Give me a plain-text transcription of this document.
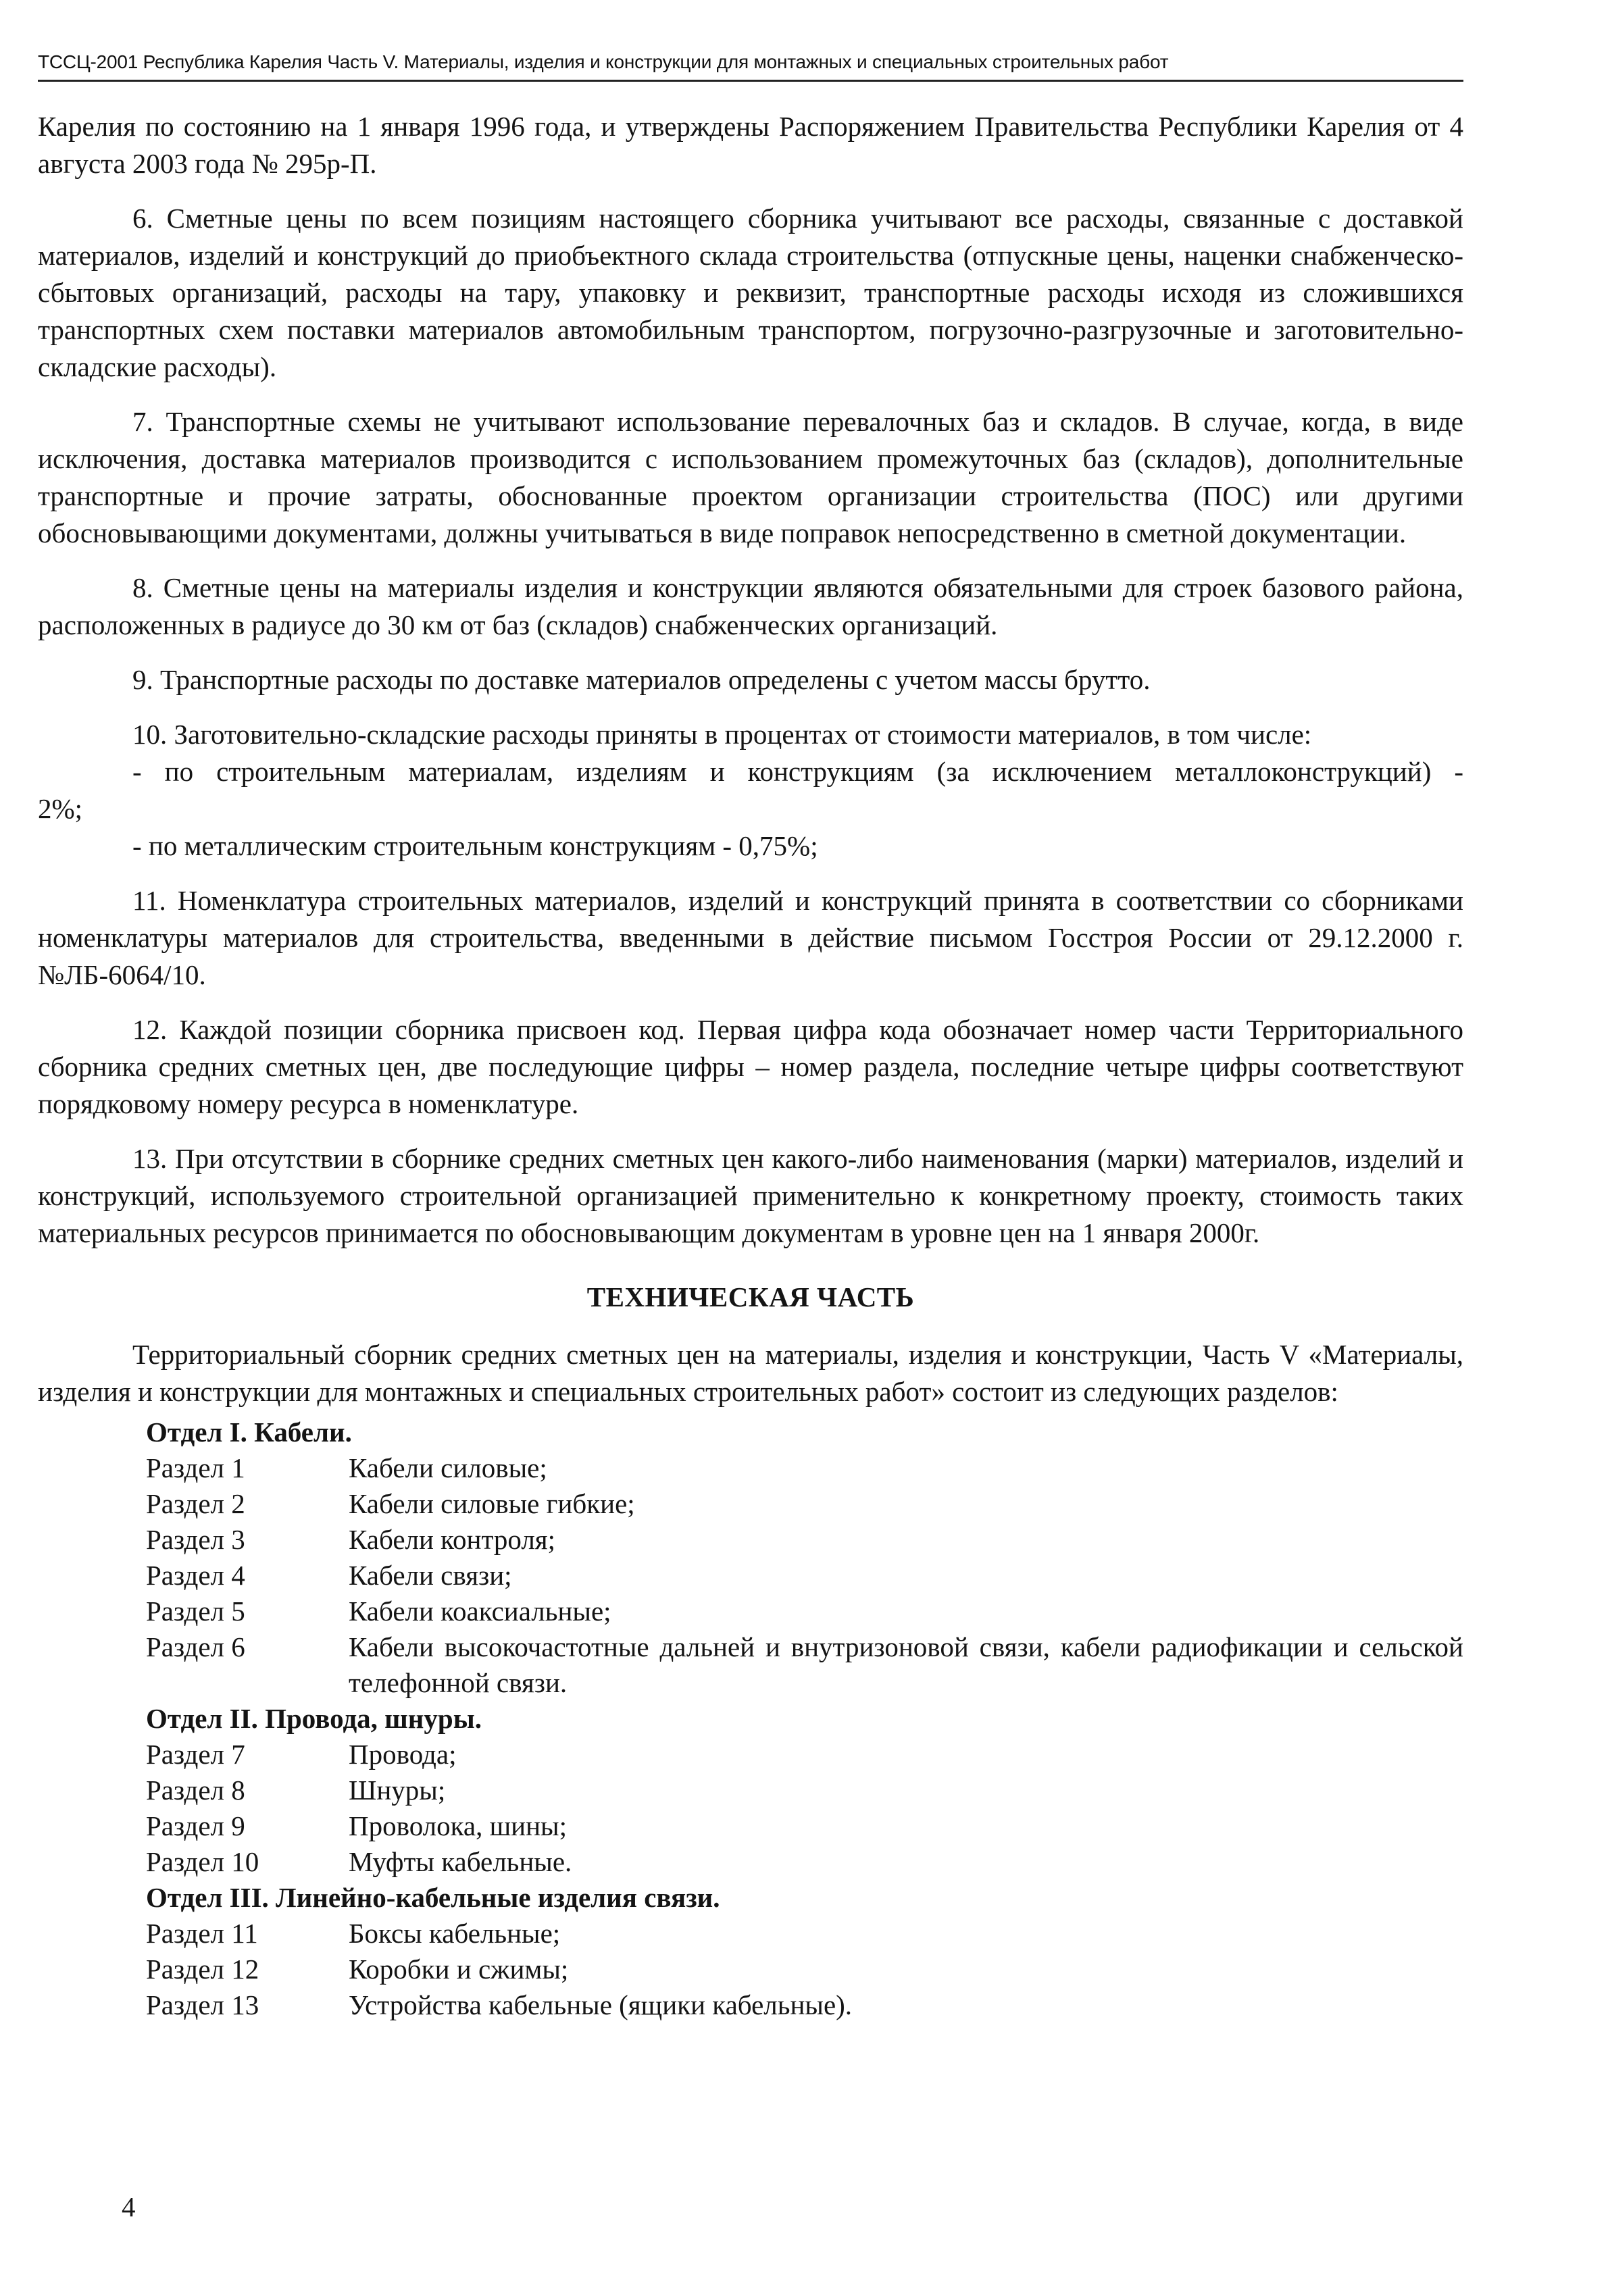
ТССЦ-2001 Республика Карелия Часть V. Материалы, изделия и конструкции для монтажных и специальных строительных работ

Карелия по состоянию на 1 января 1996 года, и утверждены Распоряжением Правительства Республики Карелия от 4 августа 2003 года № 295р-П.

6. Сметные цены по всем позициям настоящего сборника учитывают все расходы, связанные с доставкой материалов, изделий и конструкций до приобъектного склада строительства (отпускные цены, наценки снабженческо-сбытовых организаций, расходы на тару, упаковку и реквизит, транспортные расходы исходя из сложившихся транспортных схем поставки материалов автомобильным транспортом, погрузочно-разгрузочные и заготовительно-складские расходы).

7. Транспортные схемы не учитывают использование перевалочных баз и складов. В случае, когда, в виде исключения, доставка материалов производится с использованием промежуточных баз (складов), дополнительные транспортные и прочие затраты, обоснованные проектом организации строительства (ПОС) или другими обосновывающими документами, должны учитываться в виде поправок непосредственно в сметной документации.

8. Сметные цены на материалы изделия и конструкции являются обязательными для строек базового района, расположенных в радиусе до 30 км от баз (складов) снабженческих организаций.

9. Транспортные расходы по доставке материалов определены с учетом массы брутто.

10. Заготовительно-складские расходы приняты в процентах от стоимости материалов, в том числе:

- по строительным материалам, изделиям и конструкциям (за исключением металлоконструкций) -

2%;

- по металлическим строительным конструкциям - 0,75%;

11. Номенклатура строительных материалов, изделий и конструкций принята в соответствии со сборниками номенклатуры материалов для строительства, введенными в действие письмом Госстроя России от 29.12.2000 г. №ЛБ-6064/10.

12. Каждой позиции сборника присвоен код. Первая цифра кода обозначает номер части Территориального сборника средних сметных цен, две последующие цифры – номер раздела, последние четыре цифры соответствуют порядковому номеру ресурса в номенклатуре.

13. При отсутствии в сборнике средних сметных цен какого-либо наименования (марки) материалов, изделий и конструкций, используемого строительной организацией применительно к конкретному проекту, стоимость таких материальных ресурсов принимается по обосновывающим документам в уровне цен на 1 января 2000г.

ТЕХНИЧЕСКАЯ ЧАСТЬ

Территориальный сборник средних сметных цен на материалы, изделия и конструкции, Часть V «Материалы, изделия и конструкции для монтажных и специальных строительных работ» состоит из следующих разделов:

Отдел I. Кабели.
Раздел 1	Кабели силовые;
Раздел 2	Кабели силовые гибкие;
Раздел 3	Кабели контроля;
Раздел 4	Кабели связи;
Раздел 5	Кабели коаксиальные;
Раздел 6	Кабели высокочастотные дальней и внутризоновой связи, кабели радиофикации и сельской телефонной связи.
Отдел II. Провода, шнуры.
Раздел 7	Провода;
Раздел 8	Шнуры;
Раздел 9	Проволока, шины;
Раздел 10	Муфты кабельные.
Отдел III. Линейно-кабельные изделия связи.
Раздел 11	Боксы кабельные;
Раздел 12	Коробки и сжимы;
Раздел 13	Устройства кабельные (ящики кабельные).
4
